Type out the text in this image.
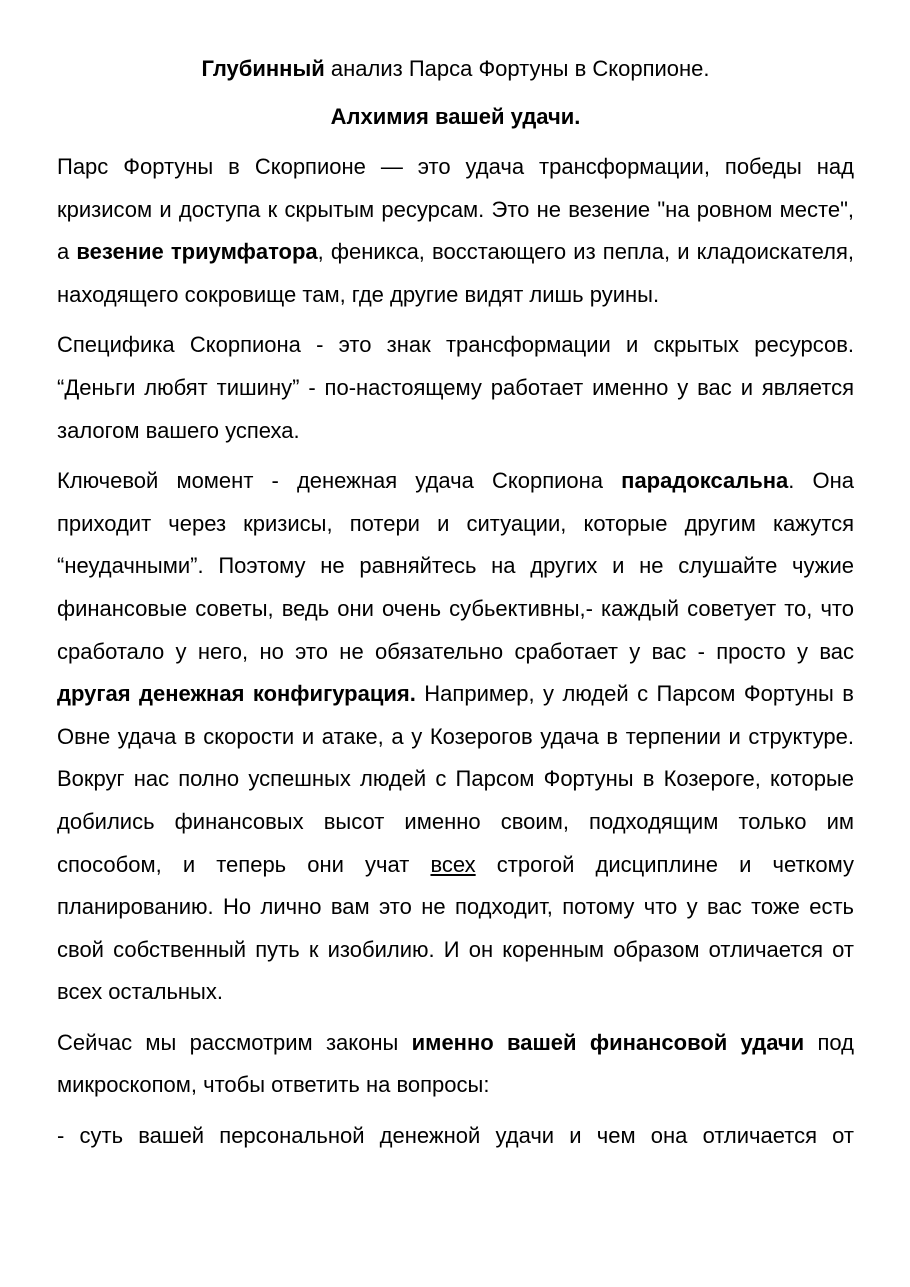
Глубинный анализ Парса Фортуны в Скорпионе.

Алхимия вашей удачи.

Парс Фортуны в Скорпионе — это удача трансформации, победы над кризисом и доступа к скрытым ресурсам. Это не везение "на ровном месте", а везение триумфатора, феникса, восстающего из пепла, и кладоискателя, находящего сокровище там, где другие видят лишь руины.

Специфика Скорпиона - это знак трансформации и скрытых ресурсов. “Деньги любят тишину” - по-настоящему работает именно у вас и является залогом вашего успеха.

Ключевой момент - денежная удача Скорпиона парадоксальна. Она приходит через кризисы, потери и ситуации, которые другим кажутся “неудачными”. Поэтому не равняйтесь на других и не слушайте чужие финансовые советы, ведь они очень субьективны,- каждый советует то, что сработало у него, но это не обязательно сработает у вас - просто у вас другая денежная конфигурация. Например, у людей с Парсом Фортуны в Овне удача в скорости и атаке, а у Козерогов удача в терпении и структуре. Вокруг нас полно успешных людей с Парсом Фортуны в Козероге, которые добились финансовых высот именно своим, подходящим только им способом, и теперь они учат всех строгой дисциплине и четкому планированию. Но лично вам это не подходит, потому что у вас тоже есть свой собственный путь к изобилию. И он коренным образом отличается от всех остальных.

Сейчас мы рассмотрим законы именно вашей финансовой удачи под микроскопом, чтобы ответить на вопросы:

- суть вашей персональной денежной удачи и чем она отличается от
